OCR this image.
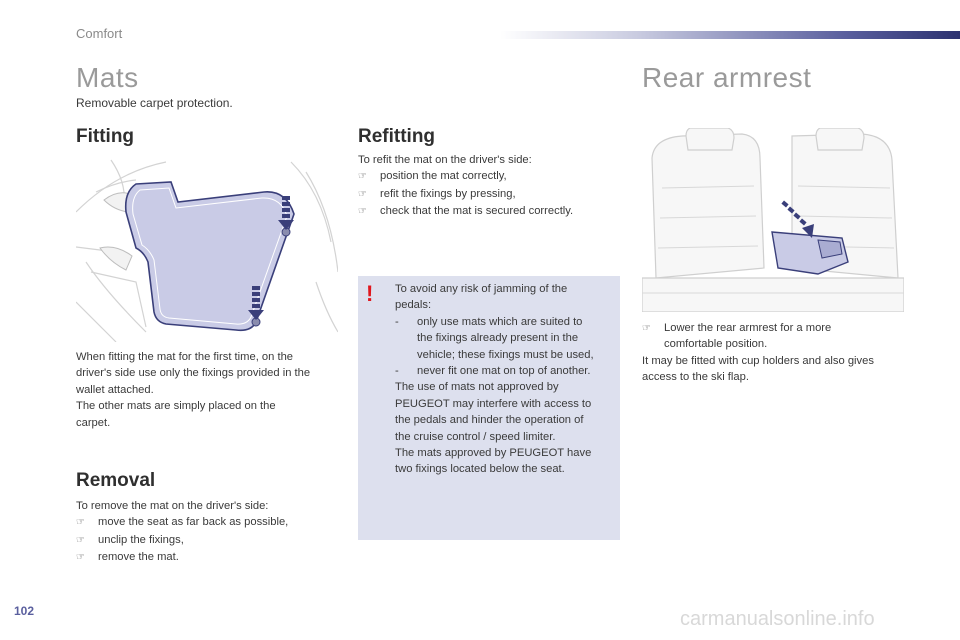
Comfort
Mats
Removable carpet protection.
Fitting
When fitting the mat for the first time, on the
driver's side use only the fixings provided in the
wallet attached.
The other mats are simply placed on the
carpet.
Removal
To remove the mat on the driver's side:
☞	move the seat as far back as possible,
☞	unclip the fixings,
☞	remove the mat.
Refitting
To refit the mat on the driver's side:
☞	position the mat correctly,
☞	refit the fixings by pressing,
☞	check that the mat is secured correctly.
!	To avoid any risk of jamming of the
pedals:
-	only use mats which are suited to
the fixings already present in the
vehicle; these fixings must be used,
-	never fit one mat on top of another.
The use of mats not approved by
PEUGEOT may interfere with access to
the pedals and hinder the operation of
the cruise control / speed limiter.
The mats approved by PEUGEOT have
two fixings located below the seat.
Rear armrest
☞	Lower the rear armrest for a more
comfortable position.
It may be fitted with cup holders and also gives
access to the ski flap.
102	carmanualsonline.info
